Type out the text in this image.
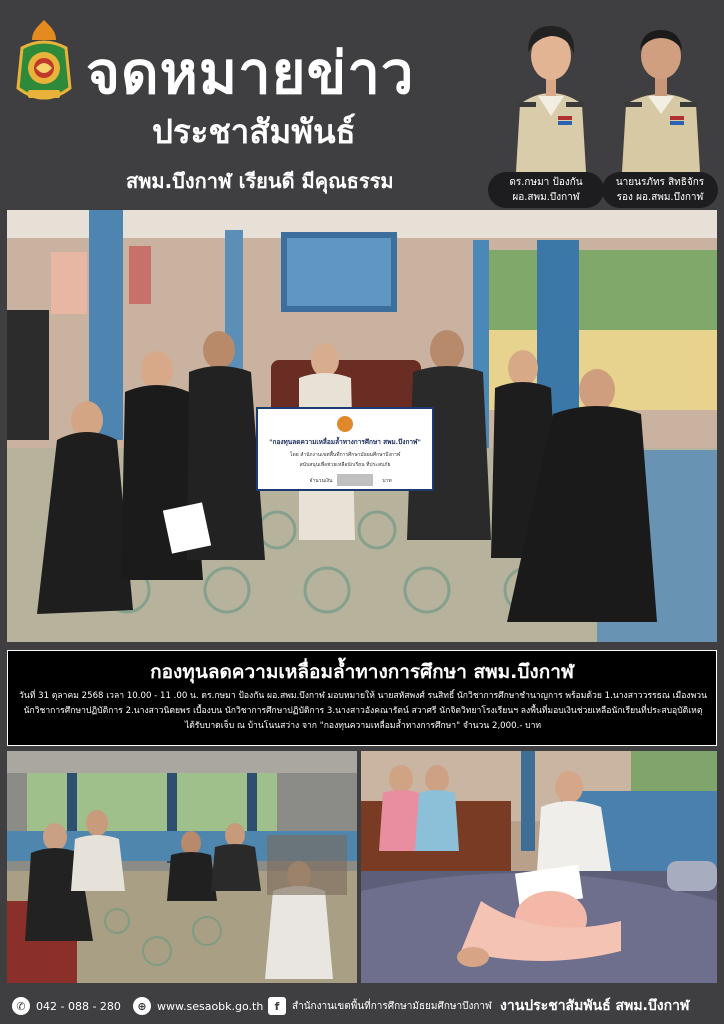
จดหมายข่าว
ประชาสัมพันธ์
สพม.บึงกาฬ เรียนดี มีคุณธรรม	ดร.กษมา ป้องกัน
ผอ.สพม.บึงกาฬ
นายนรภัทร สิทธิจักร
รอง ผอ.สพม.บึงกาฬ
"กองทุนลดความเหลื่อมล้ำทางการศึกษา สพม.บึงกาฬ"
โดย สำนักงานเขตพื้นที่การศึกษามัธยมศึกษาบึงกาฬ
สนับสนุนเพื่อช่วยเหลือนักเรียน ที่ประสบภัย
จำนวนเงิน	บาท
กองทุนลดความเหลื่อมล้ำทางการศึกษา สพม.บึงกาฬ
วันที่ 31 ตุลาคม 2568 เวลา 10.00 - 11 .00 น. ดร.กษมา ป้องกัน ผอ.สพม.บึงกาฬ มอบหมายให้ นายสหัสพงศ์ รนสิทธิ์ นักวิชาการศึกษาชำนาญการ พร้อมด้วย 1.นางสาววรรธณ เมืองพวน
นักวิชาการศึกษาปฏิบัติการ 2.นางสาวนิตยพร เบื้องบน นักวิชาการศึกษาปฏิบัติการ 3.นางสาวอังคณารัตน์ สวาศรี นักจิตวิทยาโรงเรียนฯ ลงพื้นที่มอบเงินช่วยเหลือนักเรียนที่ประสบอุบัติเหตุ
ได้รับบาดเจ็บ ณ บ้านโนนสว่าง จาก "กองทุนความเหลื่อมล้ำทางการศึกษา" จำนวน 2,000.- บาท
✆ 042 - 088 - 280	⊕ www.sesaobk.go.th	f	สำนักงานเขตพื้นที่การศึกษามัธยมศึกษาบึงกาฬ งานประชาสัมพันธ์ สพม.บึงกาฬ
